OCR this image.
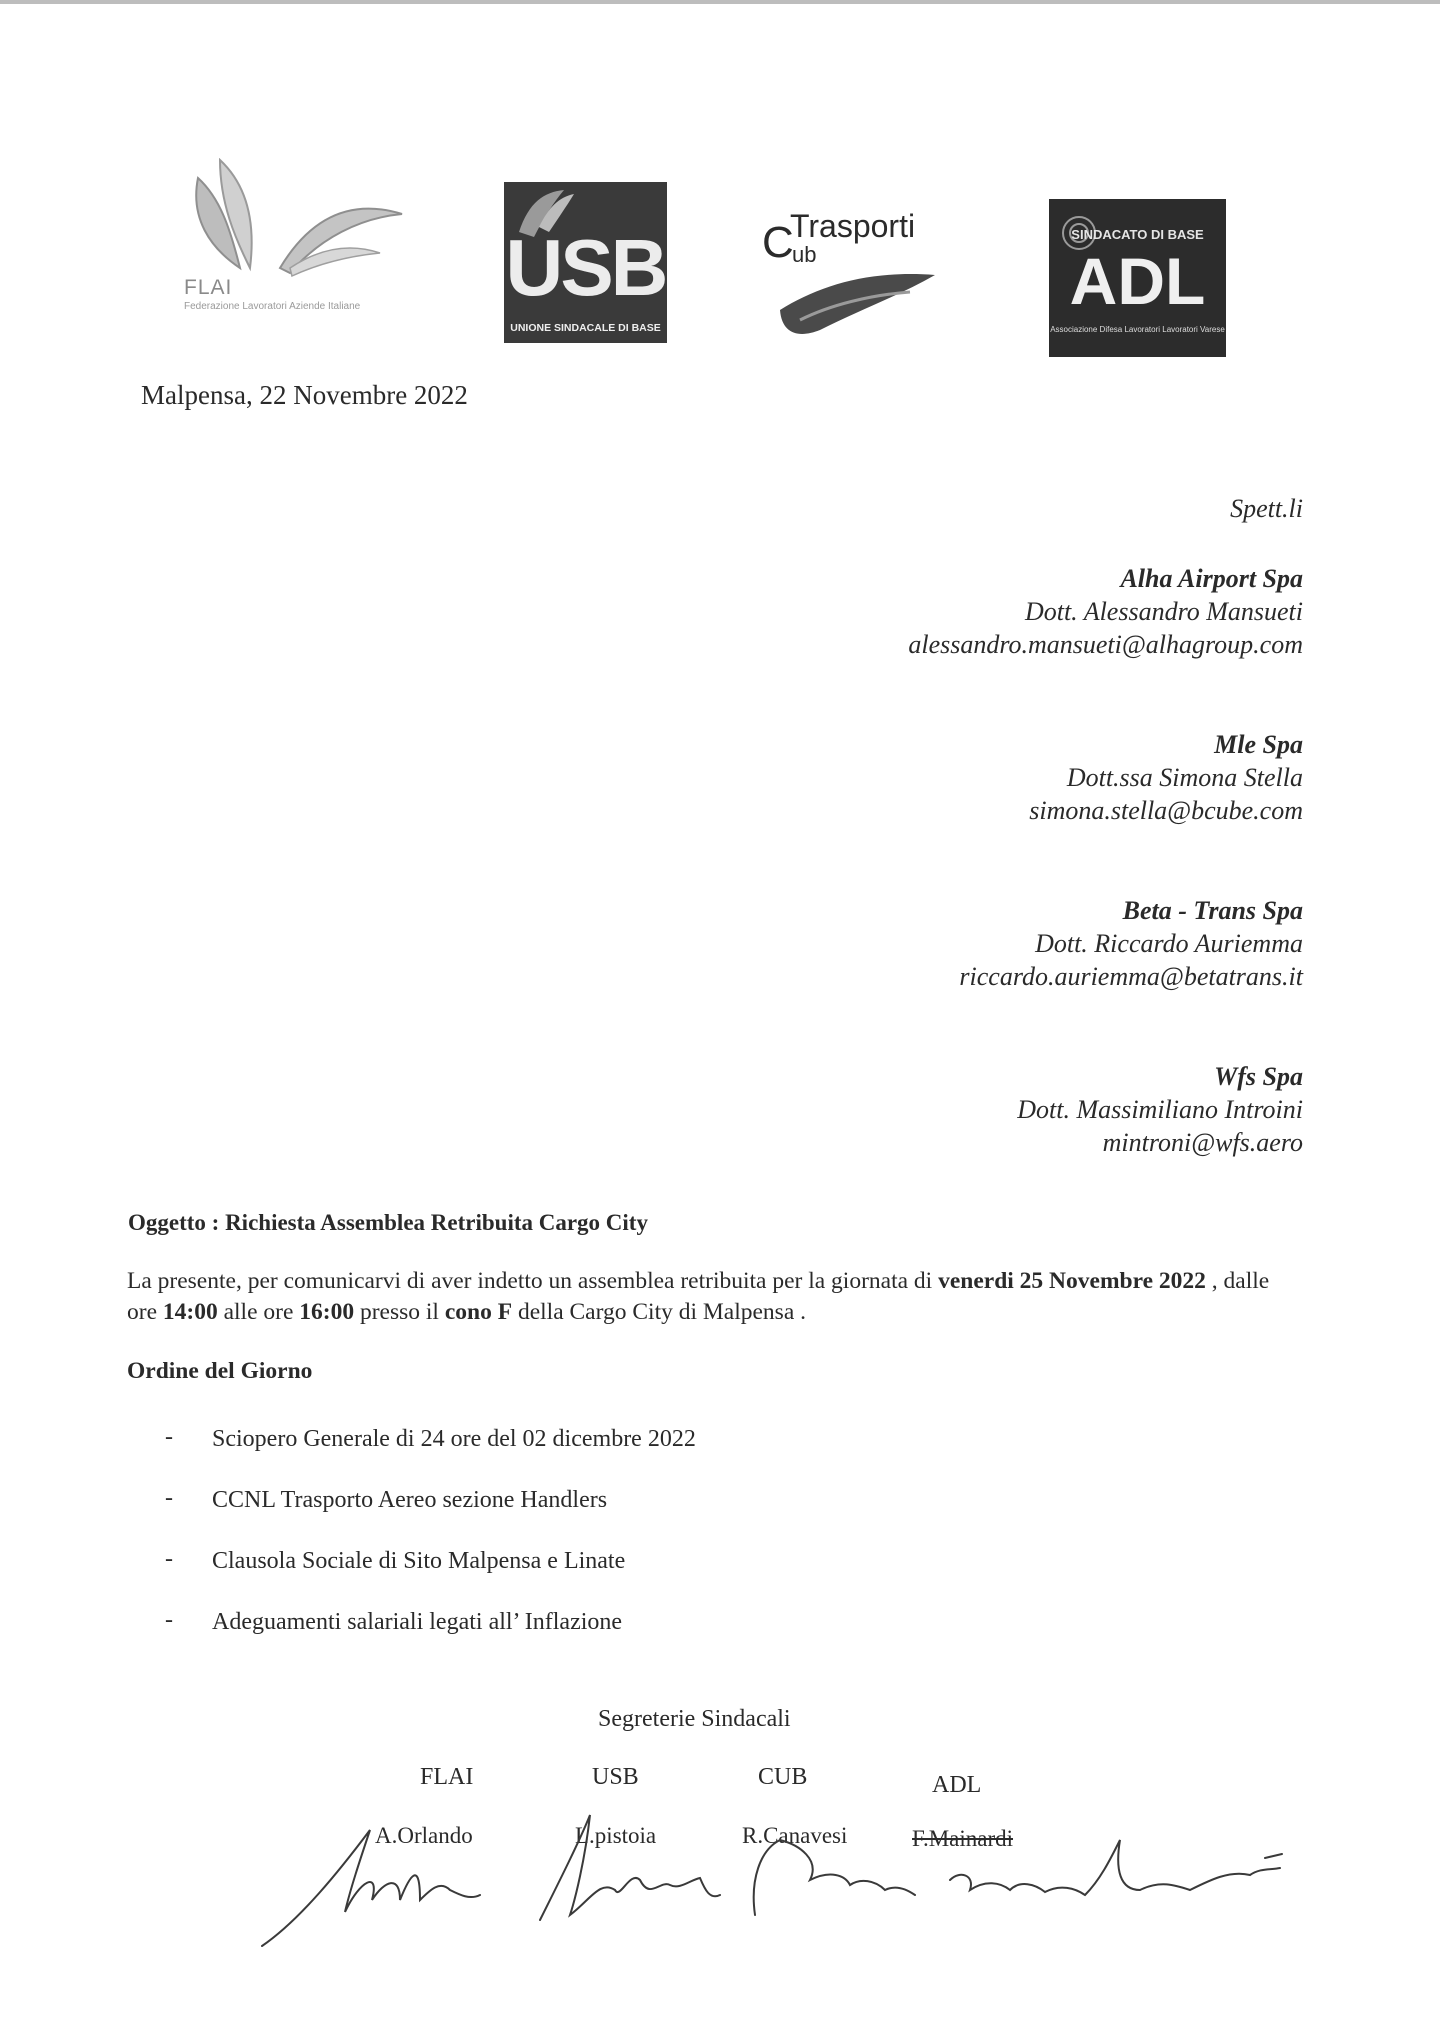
FLAI
Federazione Lavoratori Aziende Italiane USB
UNIONE SINDACALE DI BASE
C
Trasporti
ub
SINDACATO DI BASE
ADL
Associazione Difesa Lavoratori Lavoratori Varese
Malpensa, 22 Novembre 2022
Spett.li
Alha Airport Spa
Dott. Alessandro Mansueti
alessandro.mansueti@alhagroup.com
Mle Spa
Dott.ssa Simona Stella
simona.stella@bcube.com
Beta - Trans Spa
Dott. Riccardo Auriemma
riccardo.auriemma@betatrans.it
Wfs Spa
Dott. Massimiliano Introini
mintroni@wfs.aero
Oggetto : Richiesta Assemblea Retribuita Cargo City
La presente, per comunicarvi di aver indetto un assemblea retribuita per la giornata di venerdi 25 Novembre 2022 , dalle ore 14:00 alle ore 16:00 presso il cono F della Cargo City di Malpensa .
Ordine del Giorno
- Sciopero Generale di 24 ore del 02 dicembre 2022
- CCNL Trasporto Aereo sezione Handlers
- Clausola Sociale di Sito Malpensa e Linate
- Adeguamenti salariali legati all’ Inflazione
Segreterie Sindacali
FLAI	USB	CUB	ADL
A.Orlando	L.pistoia	R.Canavesi	F.Mainardi
